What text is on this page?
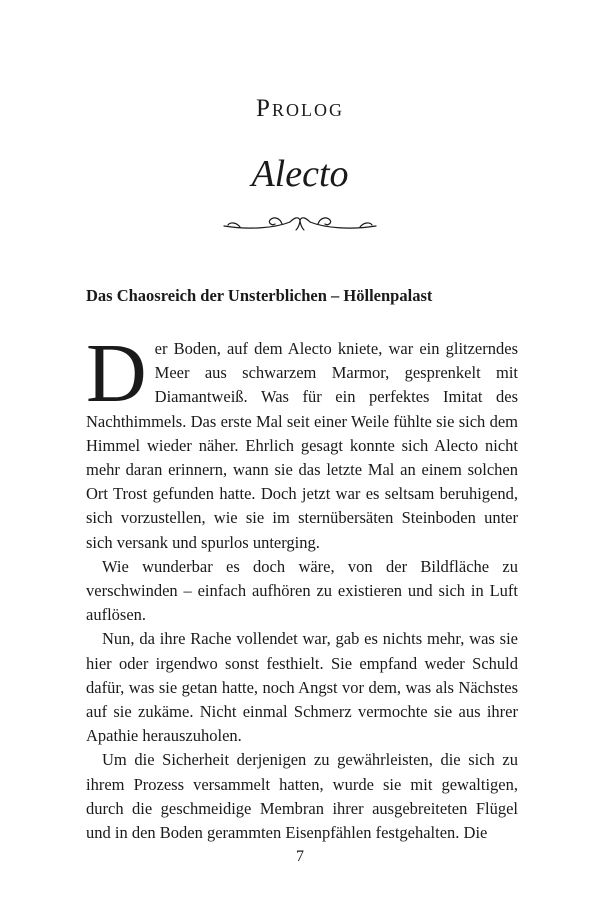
Prolog
Alecto
Das Chaosreich der Unsterblichen – Höllenpalast

Der Boden, auf dem Alecto kniete, war ein glitzerndes Meer aus schwarzem Marmor, gesprenkelt mit Diamantweiß. Was für ein perfektes Imitat des Nachthimmels. Das erste Mal seit einer Weile fühlte sie sich dem Himmel wieder näher. Ehrlich gesagt konnte sich Alecto nicht mehr daran erinnern, wann sie das letzte Mal an einem solchen Ort Trost gefunden hatte. Doch jetzt war es seltsam beruhigend, sich vorzustellen, wie sie im sternübersäten Steinboden unter sich versank und spurlos unterging.

Wie wunderbar es doch wäre, von der Bildfläche zu verschwinden – einfach aufhören zu existieren und sich in Luft auflösen.

Nun, da ihre Rache vollendet war, gab es nichts mehr, was sie hier oder irgendwo sonst festhielt. Sie empfand weder Schuld dafür, was sie getan hatte, noch Angst vor dem, was als Nächstes auf sie zukäme. Nicht einmal Schmerz vermochte sie aus ihrer Apathie herauszuholen.

Um die Sicherheit derjenigen zu gewährleisten, die sich zu ihrem Prozess versammelt hatten, wurde sie mit gewaltigen, durch die geschmeidige Membran ihrer ausgebreiteten Flügel und in den Boden gerammten Eisenpfählen festgehalten. Die

7
